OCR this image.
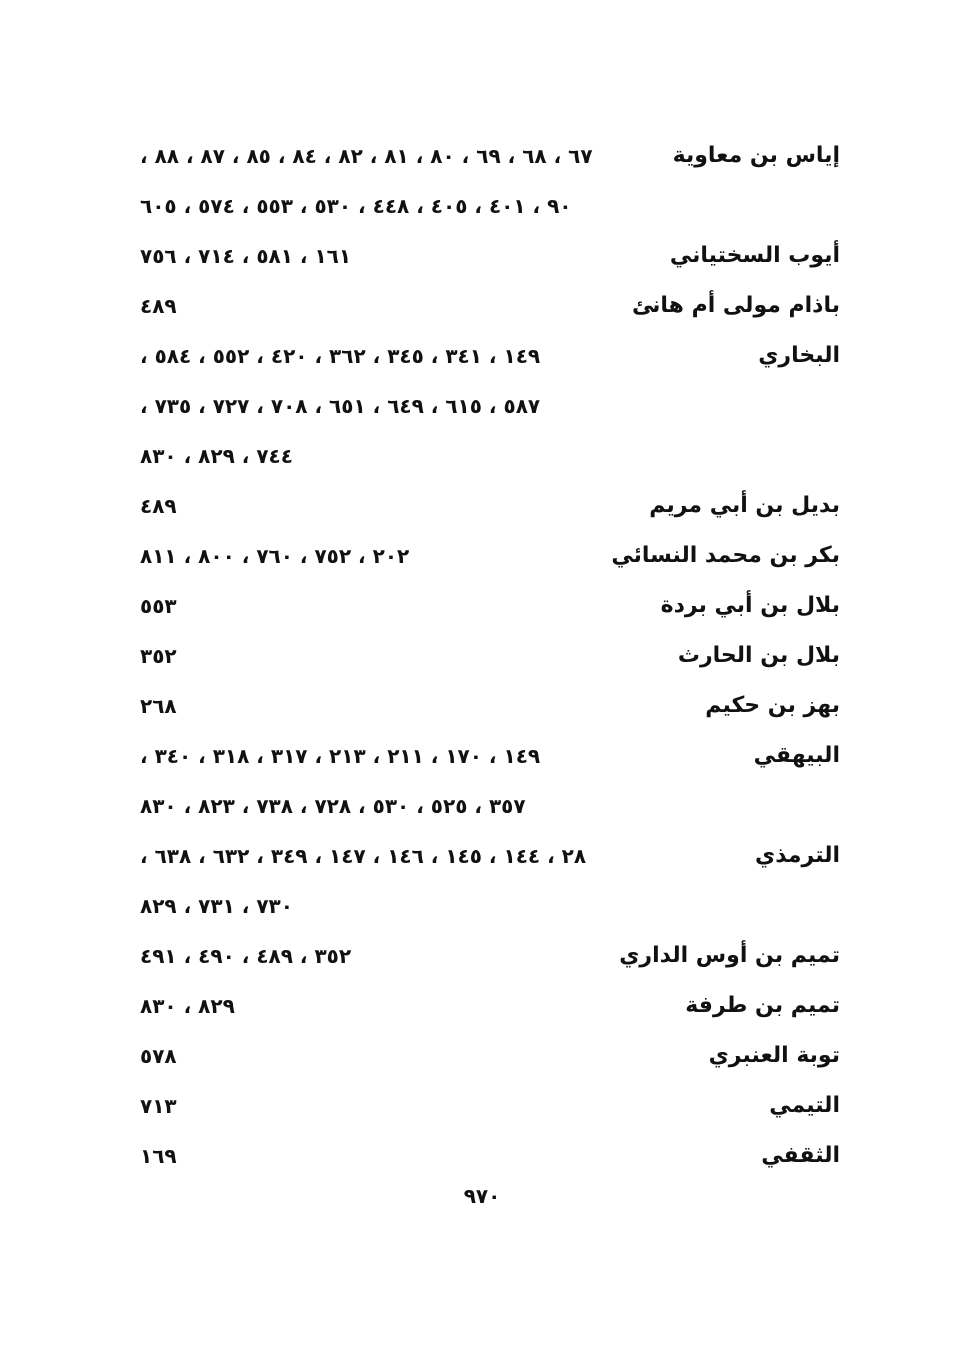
إياس بن معاوية
٦٧ ، ٦٨ ، ٦٩ ، ٨٠ ، ٨١ ، ٨٢ ، ٨٤ ، ٨٥ ، ٨٧ ، ٨٨ ،
٩٠ ، ٤٠١ ، ٤٠٥ ، ٤٤٨ ، ٥٣٠ ، ٥٥٣ ، ٥٧٤ ، ٦٠٥
أيوب السختياني
١٦١ ، ٥٨١ ، ٧١٤ ، ٧٥٦
باذام مولى أم هانئ
٤٨٩
البخاري
١٤٩ ، ٣٤١ ، ٣٤٥ ، ٣٦٢ ، ٤٢٠ ، ٥٥٢ ، ٥٨٤ ،
٥٨٧ ، ٦١٥ ، ٦٤٩ ، ٦٥١ ، ٧٠٨ ، ٧٢٧ ، ٧٣٥ ،
٧٤٤ ، ٨٢٩ ، ٨٣٠
بديل بن أبي مريم
٤٨٩
بكر بن محمد النسائي
٢٠٢ ، ٧٥٢ ، ٧٦٠ ، ٨٠٠ ، ٨١١
بلال بن أبي بردة
٥٥٣
بلال بن الحارث
٣٥٢
بهز بن حكيم
٢٦٨
البيهقي
١٤٩ ، ١٧٠ ، ٢١١ ، ٢١٣ ، ٣١٧ ، ٣١٨ ، ٣٤٠ ،
٣٥٧ ، ٥٢٥ ، ٥٣٠ ، ٧٢٨ ، ٧٣٨ ، ٨٢٣ ، ٨٣٠
الترمذي
٢٨ ، ١٤٤ ، ١٤٥ ، ١٤٦ ، ١٤٧ ، ٣٤٩ ، ٦٣٢ ، ٦٣٨ ،
٧٣٠ ، ٧٣١ ، ٨٢٩
تميم بن أوس الداري
٣٥٢ ، ٤٨٩ ، ٤٩٠ ، ٤٩١
تميم بن طرفة
٨٢٩ ، ٨٣٠
توبة العنبري
٥٧٨
التيمي
٧١٣
الثقفي
١٦٩
٩٧٠
